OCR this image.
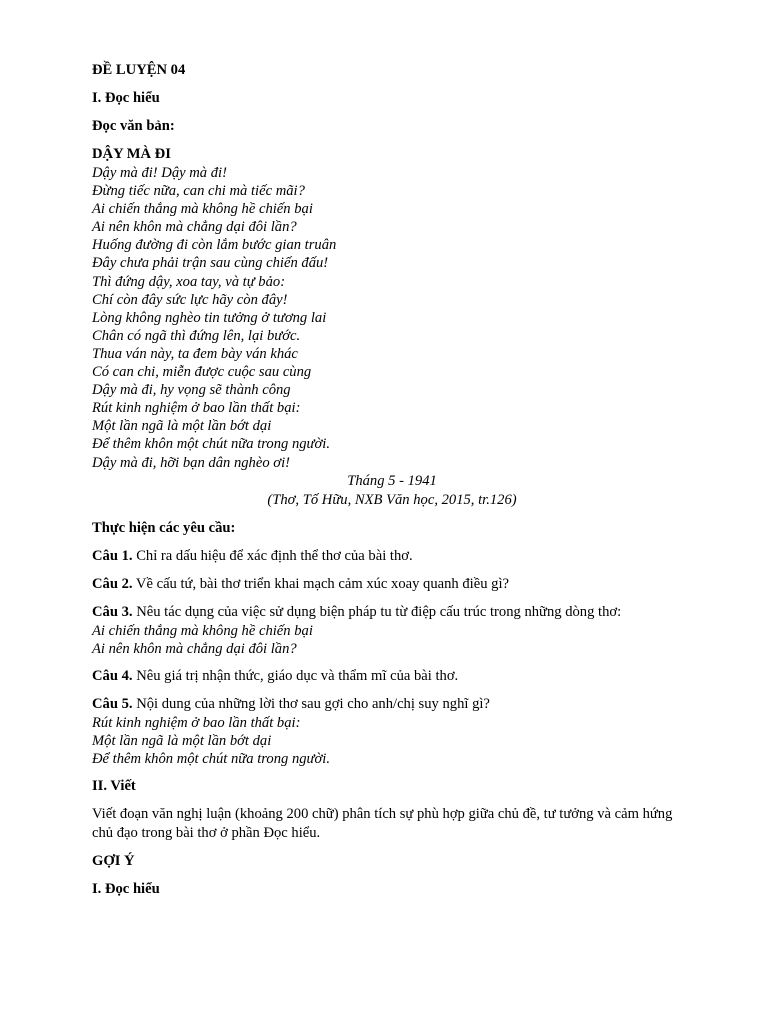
ĐỀ LUYỆN 04

I. Đọc hiểu

Đọc văn bản:

DẬY MÀ ĐI

Dậy mà đi! Dậy mà đi!
Đừng tiếc nữa, can chi mà tiếc mãi?
Ai chiến thắng mà không hề chiến bại
Ai nên khôn mà chẳng dại đôi lần?
Huống đường đi còn lắm bước gian truân
Đây chưa phải trận sau cùng chiến đấu!
Thì đứng dậy, xoa tay, và tự bảo:
Chí còn đây sức lực hãy còn đây!
Lòng không nghèo tin tưởng ở tương lai
Chân có ngã thì đứng lên, lại bước.
Thua ván này, ta đem bày ván khác
Có can chi, miễn được cuộc sau cùng
Dậy mà đi, hy vọng sẽ thành công
Rút kinh nghiệm ở bao lần thất bại:
Một lần ngã là một lần bớt dại
Để thêm khôn một chút nữa trong người.
Dậy mà đi, hỡi bạn dân nghèo ơi!

Tháng 5 - 1941

(Thơ, Tố Hữu, NXB Văn học, 2015, tr.126)

Thực hiện các yêu cầu:

Câu 1. Chỉ ra dấu hiệu để xác định thể thơ của bài thơ.

Câu 2. Về cấu tứ, bài thơ triển khai mạch cảm xúc xoay quanh điều gì?

Câu 3. Nêu tác dụng của việc sử dụng biện pháp tu từ điệp cấu trúc trong những dòng thơ:

Ai chiến thắng mà không hề chiến bại
Ai nên khôn mà chẳng dại đôi lần?

Câu 4. Nêu giá trị nhận thức, giáo dục và thẩm mĩ của bài thơ.

Câu 5. Nội dung của những lời thơ sau gợi cho anh/chị suy nghĩ gì?

Rút kinh nghiệm ở bao lần thất bại:
Một lần ngã là một lần bớt dại
Để thêm khôn một chút nữa trong người.

II. Viết

Viết đoạn văn nghị luận (khoảng 200 chữ) phân tích sự phù hợp giữa chủ đề, tư tưởng và cảm hứng chủ đạo trong bài thơ ở phần Đọc hiểu.

GỢI Ý

I. Đọc hiểu
